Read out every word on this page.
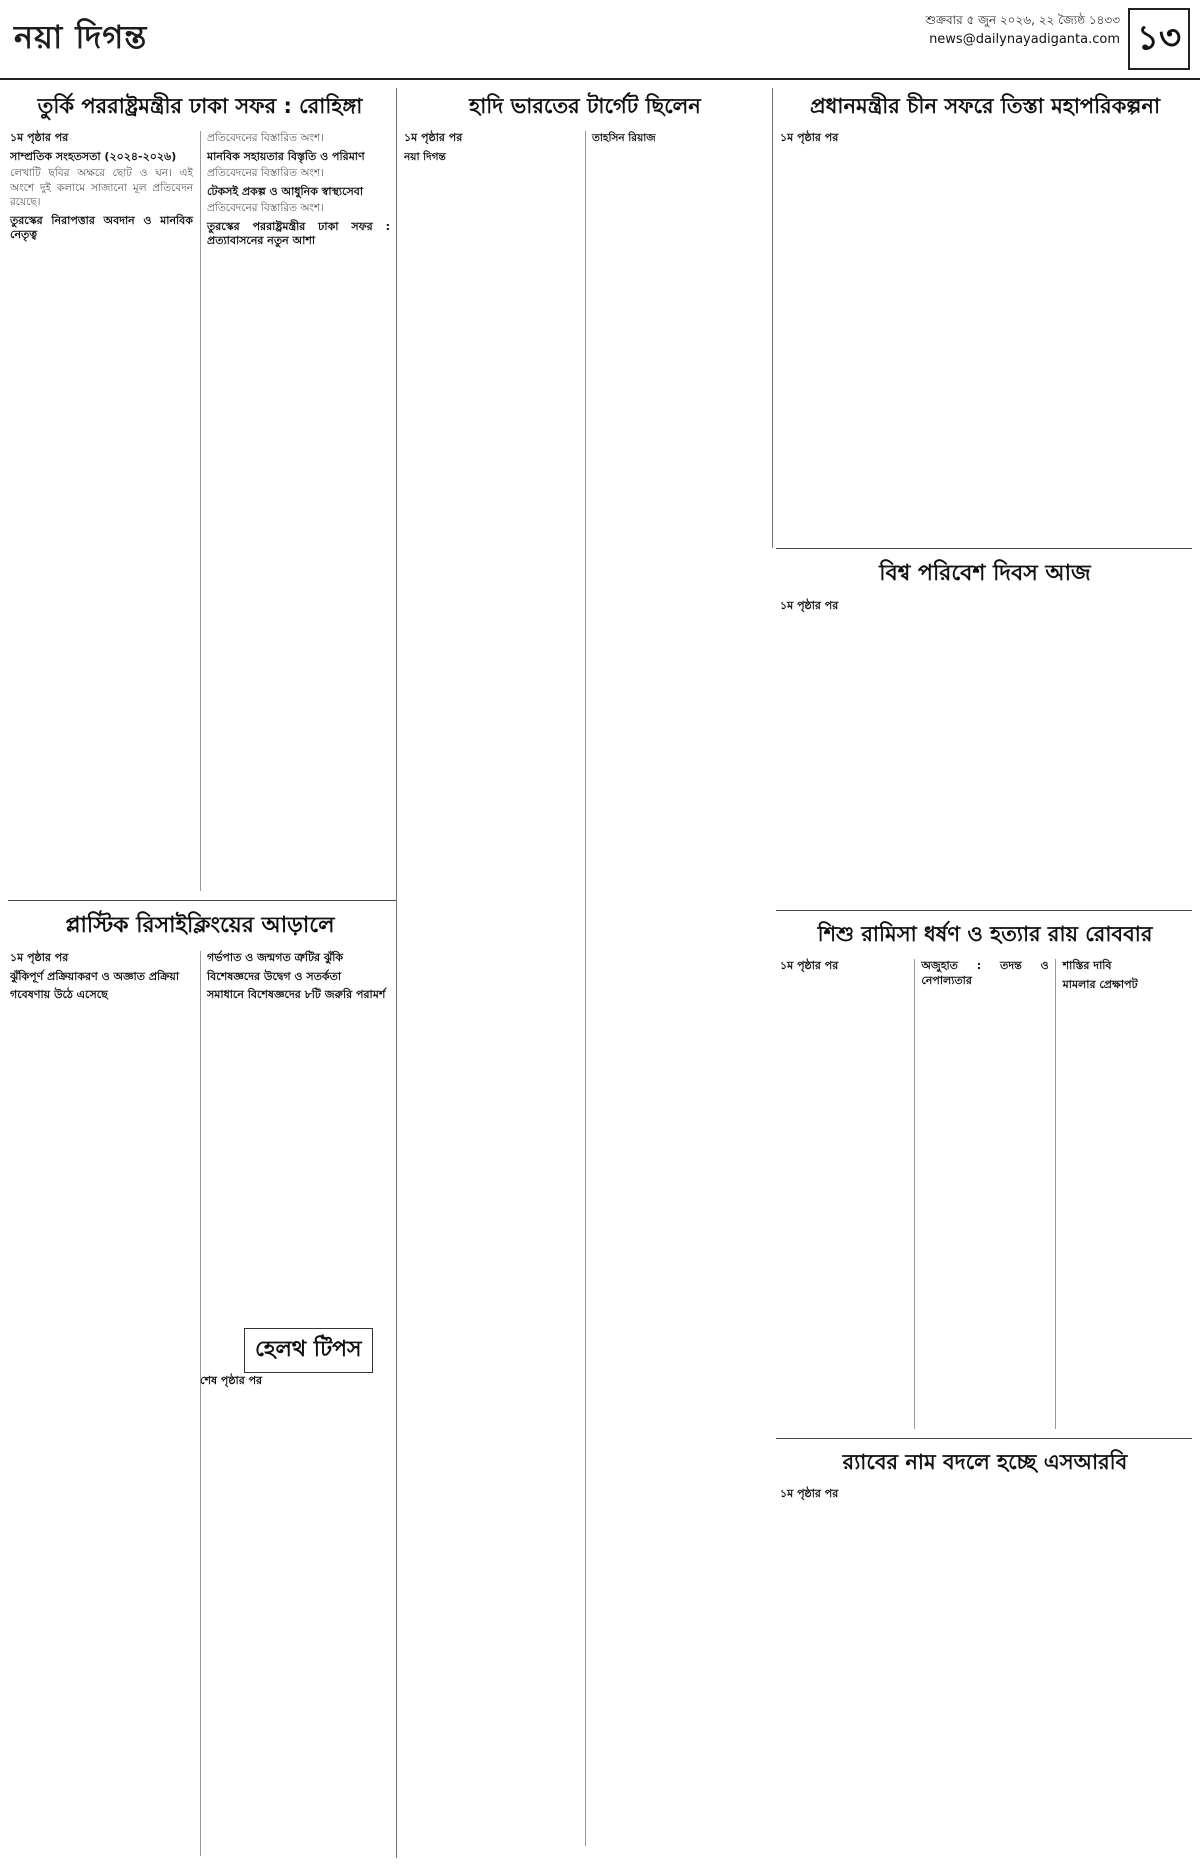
নয়া দিগন্ত	শুক্রবার ৫ জুন ২০২৬, ২২ জ্যৈষ্ঠ ১৪৩৩
news@dailynayadiganta.com ১৩
তুর্কি পররাষ্ট্রমন্ত্রীর ঢাকা সফর : রোহিঙ্গা

১ম পৃষ্ঠার পর

সাম্প্রতিক সংহতসতা (২০২৪-২০২৬)

লেখাটি ছবির অক্ষরে ছোট ও ঘন। এই অংশে দুই কলামে সাজানো মূল প্রতিবেদন রয়েছে।

তুরস্কের নিরাপত্তার অবদান ও মানবিক নেতৃত্ব

প্রতিবেদনের বিস্তারিত অংশ।

মানবিক সহায়তার বিস্তৃতি ও পরিমাণ

প্রতিবেদনের বিস্তারিত অংশ।

টেকসই প্রকল্প ও আধুনিক স্বাস্থ্যসেবা

প্রতিবেদনের বিস্তারিত অংশ।

তুরস্কের পররাষ্ট্রমন্ত্রীর ঢাকা সফর : প্রত্যাবাসনের নতুন আশা
প্লাস্টিক রিসাইক্লিংয়ের আড়ালে

১ম পৃষ্ঠার পর

ঝুঁকিপূর্ণ প্রক্রিয়াকরণ ও অজ্ঞাত প্রক্রিয়া
গবেষণায় উঠে এসেছে
গর্ভপাত ও জন্মগত ত্রুটির ঝুঁকি
বিশেষজ্ঞদের উদ্বেগ ও সতর্কতা
সমাধানে বিশেষজ্ঞদের ৮টি জরুরি পরামর্শ
হাদি ভারতের টার্গেট ছিলেন

১ম পৃষ্ঠার পর

নয়া দিগন্ত

তাহসিন রিয়াজ

হেলথ টিপস

শেষ পৃষ্ঠার পর

প্রধানমন্ত্রীর চীন সফরে তিস্তা মহাপরিকল্পনা

১ম পৃষ্ঠার পর

বিশ্ব পরিবেশ দিবস আজ

১ম পৃষ্ঠার পর

শিশু রামিসা ধর্ষণ ও হত্যার রায় রোববার

১ম পৃষ্ঠার পর	অজুহাত : তদন্ত ও নেপাল্যতার
শাস্তির দাবি
মামলার প্রেক্ষাপট
র‌্যাবের নাম বদলে হচ্ছে এসআরবি

১ম পৃষ্ঠার পর
